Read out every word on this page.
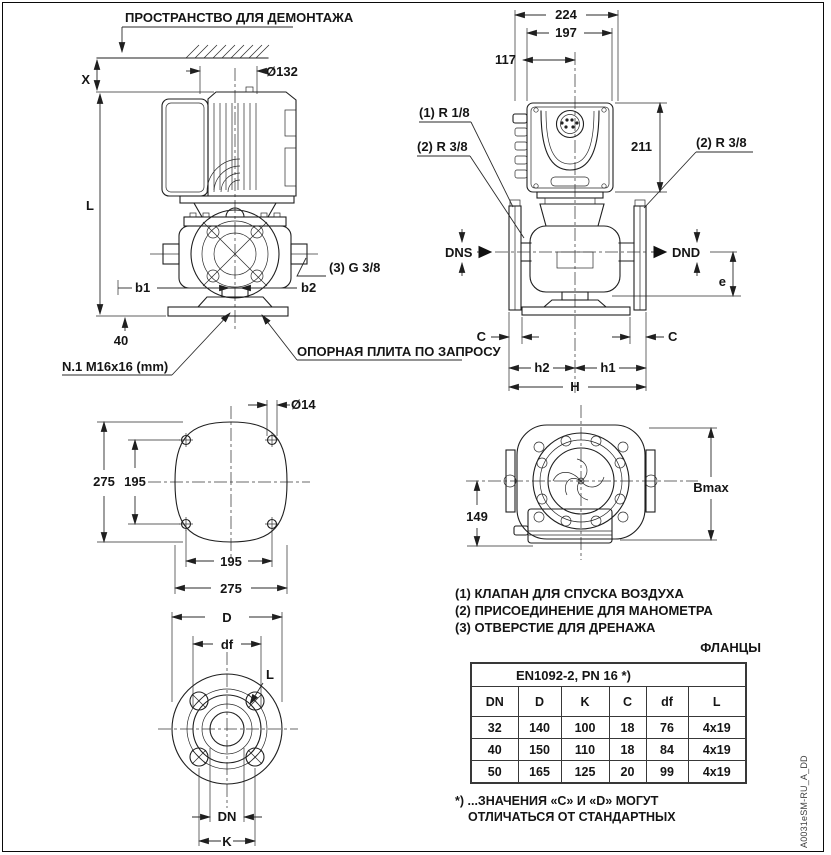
ПРОСТРАНСТВО ДЛЯ ДЕМОНТАЖА
X
Ø132
L
b1	b2
40
N.1 M16x16 (mm)
ОПОРНАЯ ПЛИТА ПО ЗАПРОСУ
(3) G 3/8
224
197
117
211
(1) R 1/8
(2) R 3/8	(2) R 3/8
DNS	DND
e
C	C
h2	h1
H
Ø14
275 195
195
275
D
df
L
DN
K
149
Bmax
(1) КЛАПАН ДЛЯ СПУСКА ВОЗДУХА
(2) ПРИСОЕДИНЕНИЕ ДЛЯ МАНОМЕТРА
(3) ОТВЕРСТИЕ ДЛЯ ДРЕНАЖА
ФЛАНЦЫ
EN1092-2, PN 16 *)					
DN	D	K	C	df	L
32	140	100	18	76	4x19
40	150	110	18	84	4x19
50	165	125	20	99	4x19
*) ...ЗНАЧЕНИЯ «С» И «D» МОГУТ
ОТЛИЧАТЬСЯ ОТ СТАНДАРТНЫХ	A0031eSM-RU_A_DD
